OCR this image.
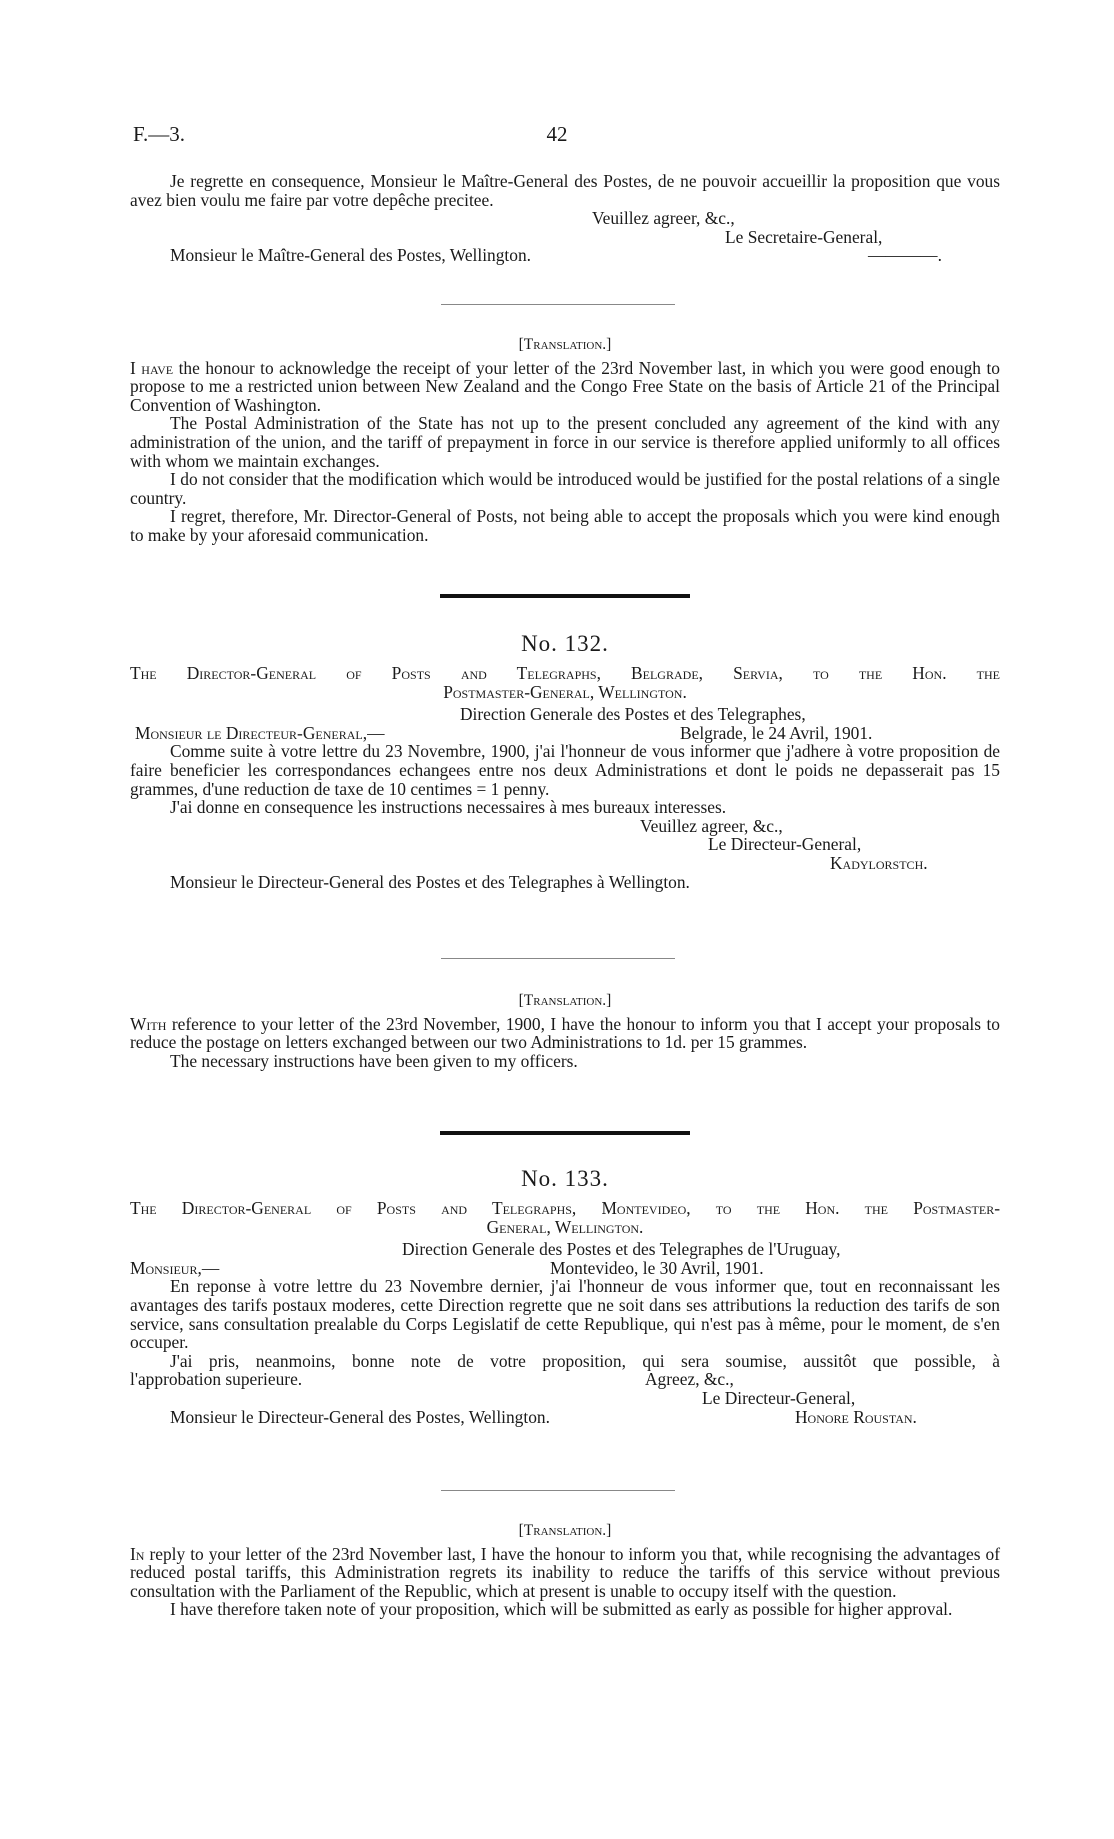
F.—3.	42

Je regrette en consequence, Monsieur le Maître-General des Postes, de ne pouvoir accueillir la proposition que vous avez bien voulu me faire par votre depêche precitee.

Veuillez agreer, &c.,
Le Secretaire-General,
Monsieur le Maître-General des Postes, Wellington.	————.

[Translation.]

I have the honour to acknowledge the receipt of your letter of the 23rd November last, in which you were good enough to propose to me a restricted union between New Zealand and the Congo Free State on the basis of Article 21 of the Principal Convention of Washington.

The Postal Administration of the State has not up to the present concluded any agreement of the kind with any administration of the union, and the tariff of prepayment in force in our service is therefore applied uniformly to all offices with whom we maintain exchanges.

I do not consider that the modification which would be introduced would be justified for the postal relations of a single country.

I regret, therefore, Mr. Director-General of Posts, not being able to accept the proposals which you were kind enough to make by your aforesaid communication.

No. 132.

The Director-General of Posts and Telegraphs, Belgrade, Servia, to the Hon. the

Postmaster-General, Wellington.

Direction Generale des Postes et des Telegraphes,
Monsieur le Directeur-General,—	Belgrade, le 24 Avril, 1901.

Comme suite à votre lettre du 23 Novembre, 1900, j'ai l'honneur de vous informer que j'adhere à votre proposition de faire beneficier les correspondances echangees entre nos deux Administrations et dont le poids ne depasserait pas 15 grammes, d'une reduction de taxe de 10 centimes = 1 penny.

J'ai donne en consequence les instructions necessaires à mes bureaux interesses.

Veuillez agreer, &c.,
Le Directeur-General,
Kadylorstch.
Monsieur le Directeur-General des Postes et des Telegraphes à Wellington.

[Translation.]

With reference to your letter of the 23rd November, 1900, I have the honour to inform you that I accept your proposals to reduce the postage on letters exchanged between our two Administrations to 1d. per 15 grammes.

The necessary instructions have been given to my officers.

No. 133.

The Director-General of Posts and Telegraphs, Montevideo, to the Hon. the Postmaster-

General, Wellington.

Direction Generale des Postes et des Telegraphes de l'Uruguay,
Monsieur,—	Montevideo, le 30 Avril, 1901.

En reponse à votre lettre du 23 Novembre dernier, j'ai l'honneur de vous informer que, tout en reconnaissant les avantages des tarifs postaux moderes, cette Direction regrette que ne soit dans ses attributions la reduction des tarifs de son service, sans consultation prealable du Corps Legislatif de cette Republique, qui n'est pas à même, pour le moment, de s'en occuper.

J'ai pris, neanmoins, bonne note de votre proposition, qui sera soumise, aussitôt que possible, à

l'approbation superieure.	Agreez, &c.,
Le Directeur-General,
Monsieur le Directeur-General des Postes, Wellington.	Honore Roustan.

[Translation.]

In reply to your letter of the 23rd November last, I have the honour to inform you that, while recognising the advantages of reduced postal tariffs, this Administration regrets its inability to reduce the tariffs of this service without previous consultation with the Parliament of the Republic, which at present is unable to occupy itself with the question.

I have therefore taken note of your proposition, which will be submitted as early as possible for higher approval.
